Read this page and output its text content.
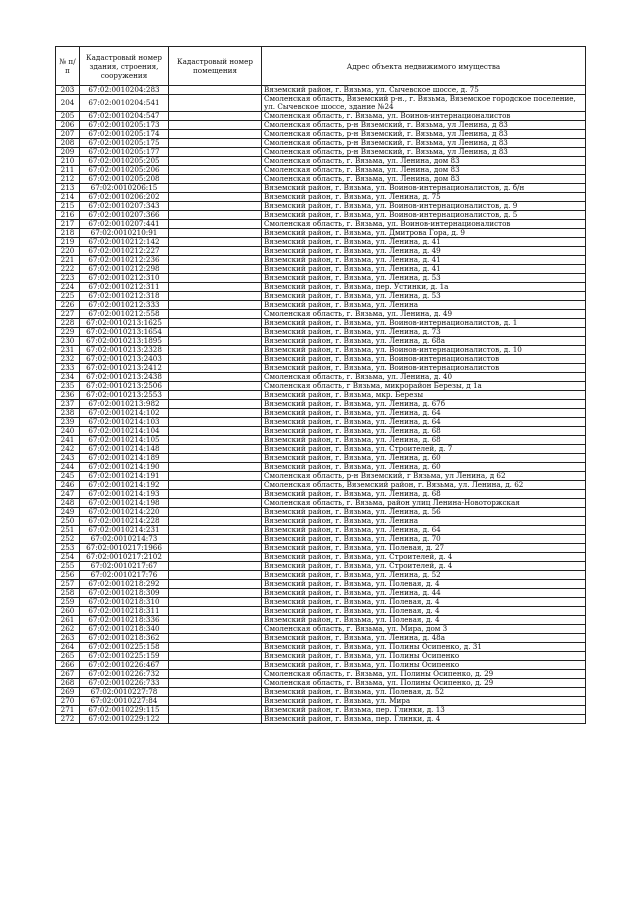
№ п/п	Кадастровый номер здания, строения, сооружения	Кадастровый номер помещения	Адрес объекта недвижимого имущества
203	67:02:0010204:283		Вяземский район, г. Вязьма, ул. Сычевское шоссе, д. 75
204	67:02:0010204:541		Смоленская область, Вяземский р-н., г. Вязьма, Вяземское городское поселение, ул. Сычевское шоссе, здание №24
205	67:02:0010204:547		Смоленская область, г. Вязьма, ул. Воинов-интернационалистов
206	67:02:0010205:173		Смоленская область, р-н Вяземский, г. Вязьма, ул Ленина, д 83
207	67:02:0010205:174		Смоленская область, р-н Вяземский, г. Вязьма, ул Ленина, д 83
208	67:02:0010205:175		Смоленская область, р-н Вяземский, г. Вязьма, ул Ленина, д 83
209	67:02:0010205:177		Смоленская область, р-н Вяземский, г. Вязьма, ул Ленина, д 83
210	67:02:0010205:205		Смоленская область, г. Вязьма, ул. Ленина, дом 83
211	67:02:0010205:206		Смоленская область, г. Вязьма, ул. Ленина, дом 83
212	67:02:0010205:208		Смоленская область, г. Вязьма, ул. Ленина, дом 83
213	67:02:0010206:15		Вяземский район, г. Вязьма, ул. Воинов-интернационалистов, д. б/н
214	67:02:0010206:202		Вяземский район, г. Вязьма, ул. Ленина, д. 75
215	67:02:0010207:343		Вяземский район, г. Вязьма, ул. Воинов-интернационалистов, д. 9
216	67:02:0010207:366		Вяземский район, г. Вязьма, ул. Воинов-интернационалистов, д. 5
217	67:02:0010207:441		Смоленская область, г. Вязьма, ул. Воинов-интернационалистов
218	67:02:0010210:91		Вяземский район, г. Вязьма, ул. Дмитрова Гора, д. 9
219	67:02:0010212:142		Вяземский район, г. Вязьма, ул. Ленина, д. 41
220	67:02:0010212:227		Вяземский район, г. Вязьма, ул. Ленина, д. 49
221	67:02:0010212:236		Вяземский район, г. Вязьма, ул. Ленина, д. 41
222	67:02:0010212:298		Вяземский район, г. Вязьма, ул. Ленина, д. 41
223	67:02:0010212:310		Вяземский район, г. Вязьма, ул. Ленина, д. 53
224	67:02:0010212:311		Вяземский район, г. Вязьма, пер. Устинки, д. 1а
225	67:02:0010212:318		Вяземский район, г. Вязьма, ул. Ленина, д. 53
226	67:02:0010212:333		Вяземский район, г. Вязьма, ул. Ленина
227	67:02:0010212:558		Смоленская область, г. Вязьма, ул. Ленина, д. 49
228	67:02:0010213:1625		Вяземский район, г. Вязьма, ул. Воинов-интернационалистов, д. 1
229	67:02:0010213:1654		Вяземский район, г. Вязьма, ул. Ленина, д. 73
230	67:02:0010213:1895		Вяземский район, г. Вязьма, ул. Ленина, д. 68а
231	67:02:0010213:2328		Вяземский район, г. Вязьма, ул. Воинов-интернационалистов, д. 10
232	67:02:0010213:2403		Вяземский район, г. Вязьма, ул. Воинов-интернационалистов
233	67:02:0010213:2412		Вяземский район, г. Вязьма, ул. Воинов-интернационалистов
234	67:02:0010213:2438		Смоленская область, г. Вязьма, ул. Ленина, д. 40
235	67:02:0010213:2506		Смоленская область, г Вязьма, микрорайон Березы, д 1а
236	67:02:0010213:2553		Вяземский район, г. Вязьма, мкр. Березы
237	67:02:0010213:982		Вяземский район, г. Вязьма, ул. Ленина, д. 67б
238	67:02:0010214:102		Вяземский район, г. Вязьма, ул. Ленина, д. 64
239	67:02:0010214:103		Вяземский район, г. Вязьма, ул. Ленина, д. 64
240	67:02:0010214:104		Вяземский район, г. Вязьма, ул. Ленина, д. 68
241	67:02:0010214:105		Вяземский район, г. Вязьма, ул. Ленина, д. 68
242	67:02:0010214:148		Вяземский район, г. Вязьма, ул. Строителей, д. 7
243	67:02:0010214:189		Вяземский район, г. Вязьма, ул. Ленина, д. 60
244	67:02:0010214:190		Вяземский район, г. Вязьма, ул. Ленина, д. 60
245	67:02:0010214:191		Смоленская область, р-н Вяземский, г Вязьма, ул Ленина, д 62
246	67:02:0010214:192		Смоленская область, Вяземский район, г. Вязьма, ул. Ленина, д. 62
247	67:02:0010214:193		Вяземский район, г. Вязьма, ул. Ленина, д. 68
248	67:02:0010214:198		Смоленская область, г. Вязьма, район улиц Ленина-Новоторжская
249	67:02:0010214:220		Вяземский район, г. Вязьма, ул. Ленина, д. 56
250	67:02:0010214:228		Вяземский район, г. Вязьма, ул. Ленина
251	67:02:0010214:231		Вяземский район, г. Вязьма, ул. Ленина, д. 64
252	67:02:0010214:73		Вяземский район, г. Вязьма, ул. Ленина, д. 70
253	67:02:0010217:1966		Вяземский район, г. Вязьма, ул. Полевая, д. 27
254	67:02:0010217:2102		Вяземский район, г. Вязьма, ул. Строителей, д. 4
255	67:02:0010217:67		Вяземский район, г. Вязьма, ул. Строителей, д. 4
256	67:02:0010217:76		Вяземский район, г. Вязьма, ул. Ленина, д. 52
257	67:02:0010218:292		Вяземский район, г. Вязьма, ул. Полевая, д. 4
258	67:02:0010218:309		Вяземский район, г. Вязьма, ул. Ленина, д. 44
259	67:02:0010218:310		Вяземский район, г. Вязьма, ул. Полевая, д. 4
260	67:02:0010218:311		Вяземский район, г. Вязьма, ул. Полевая, д. 4
261	67:02:0010218:336		Вяземский район, г. Вязьма, ул. Полевая, д. 4
262	67:02:0010218:340		Смоленская область, г. Вязьма, ул. Мира, дом 3
263	67:02:0010218:362		Вяземский район, г. Вязьма, ул. Ленина, д. 48а
264	67:02:0010225:158		Вяземский район, г. Вязьма, ул. Полины Осипенко, д. 31
265	67:02:0010225:159		Вяземский район, г. Вязьма, ул. Полины Осипенко
266	67:02:0010226:467		Вяземский район, г. Вязьма, ул. Полины Осипенко
267	67:02:0010226:732		Смоленская область, г. Вязьма, ул. Полины Осипенко, д. 29
268	67:02:0010226:733		Смоленская область, г. Вязьма, ул. Полины Осипенко, д. 29
269	67:02:0010227:78		Вяземский район, г. Вязьма, ул. Полевая, д. 52
270	67:02:0010227:84		Вяземский район, г. Вязьма, ул. Мира
271	67:02:0010229:115		Вяземский район, г. Вязьма, пер. Глинки, д. 13
272	67:02:0010229:122		Вяземский район, г. Вязьма, пер. Глинки, д. 4
